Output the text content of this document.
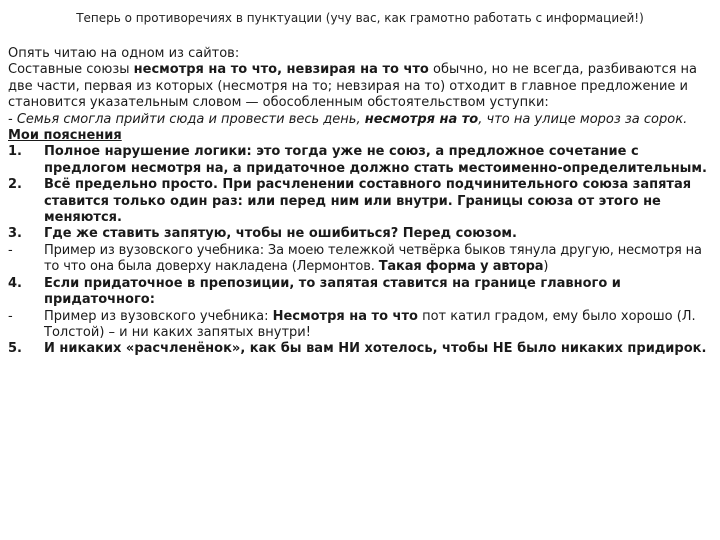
Теперь о противоречиях в пунктуации (учу вас, как грамотно работать с информацией!)

Опять читаю на одном из сайтов:

Составные союзы несмотря на то что, невзирая на то что обычно, но не всегда, разбиваются на две части, первая из которых (несмотря на то; невзирая на то) отходит в главное предложение и становится указательным словом — обособленным обстоятельством уступки:

- Семья смогла прийти сюда и провести весь день, несмотря на то, что на улице мороз за сорок.

Мои пояснения

1.	Полное нарушение логики: это тогда уже не союз, а предложное сочетание с предлогом несмотря на, а придаточное должно стать местоименно-определительным.
2.	Всё предельно просто. При расчленении составного подчинительного союза запятая ставится только один раз: или перед ним или внутри. Границы союза от этого не меняются.
3.	Где же ставить запятую, чтобы не ошибиться? Перед союзом.
-	Пример из вузовского учебника: За моею тележкой четвёрка быков тянула другую, несмотря на то что она была доверху накладена (Лермонтов. Такая форма у автора)
4.	Если придаточное в препозиции, то запятая ставится на границе главного и придаточного:
-	Пример из вузовского учебника: Несмотря на то что пот катил градом, ему было хорошо (Л. Толстой) – и ни каких запятых внутри!
5.	И никаких «расчленёнок», как бы вам НИ хотелось, чтобы НЕ было никаких придирок.
